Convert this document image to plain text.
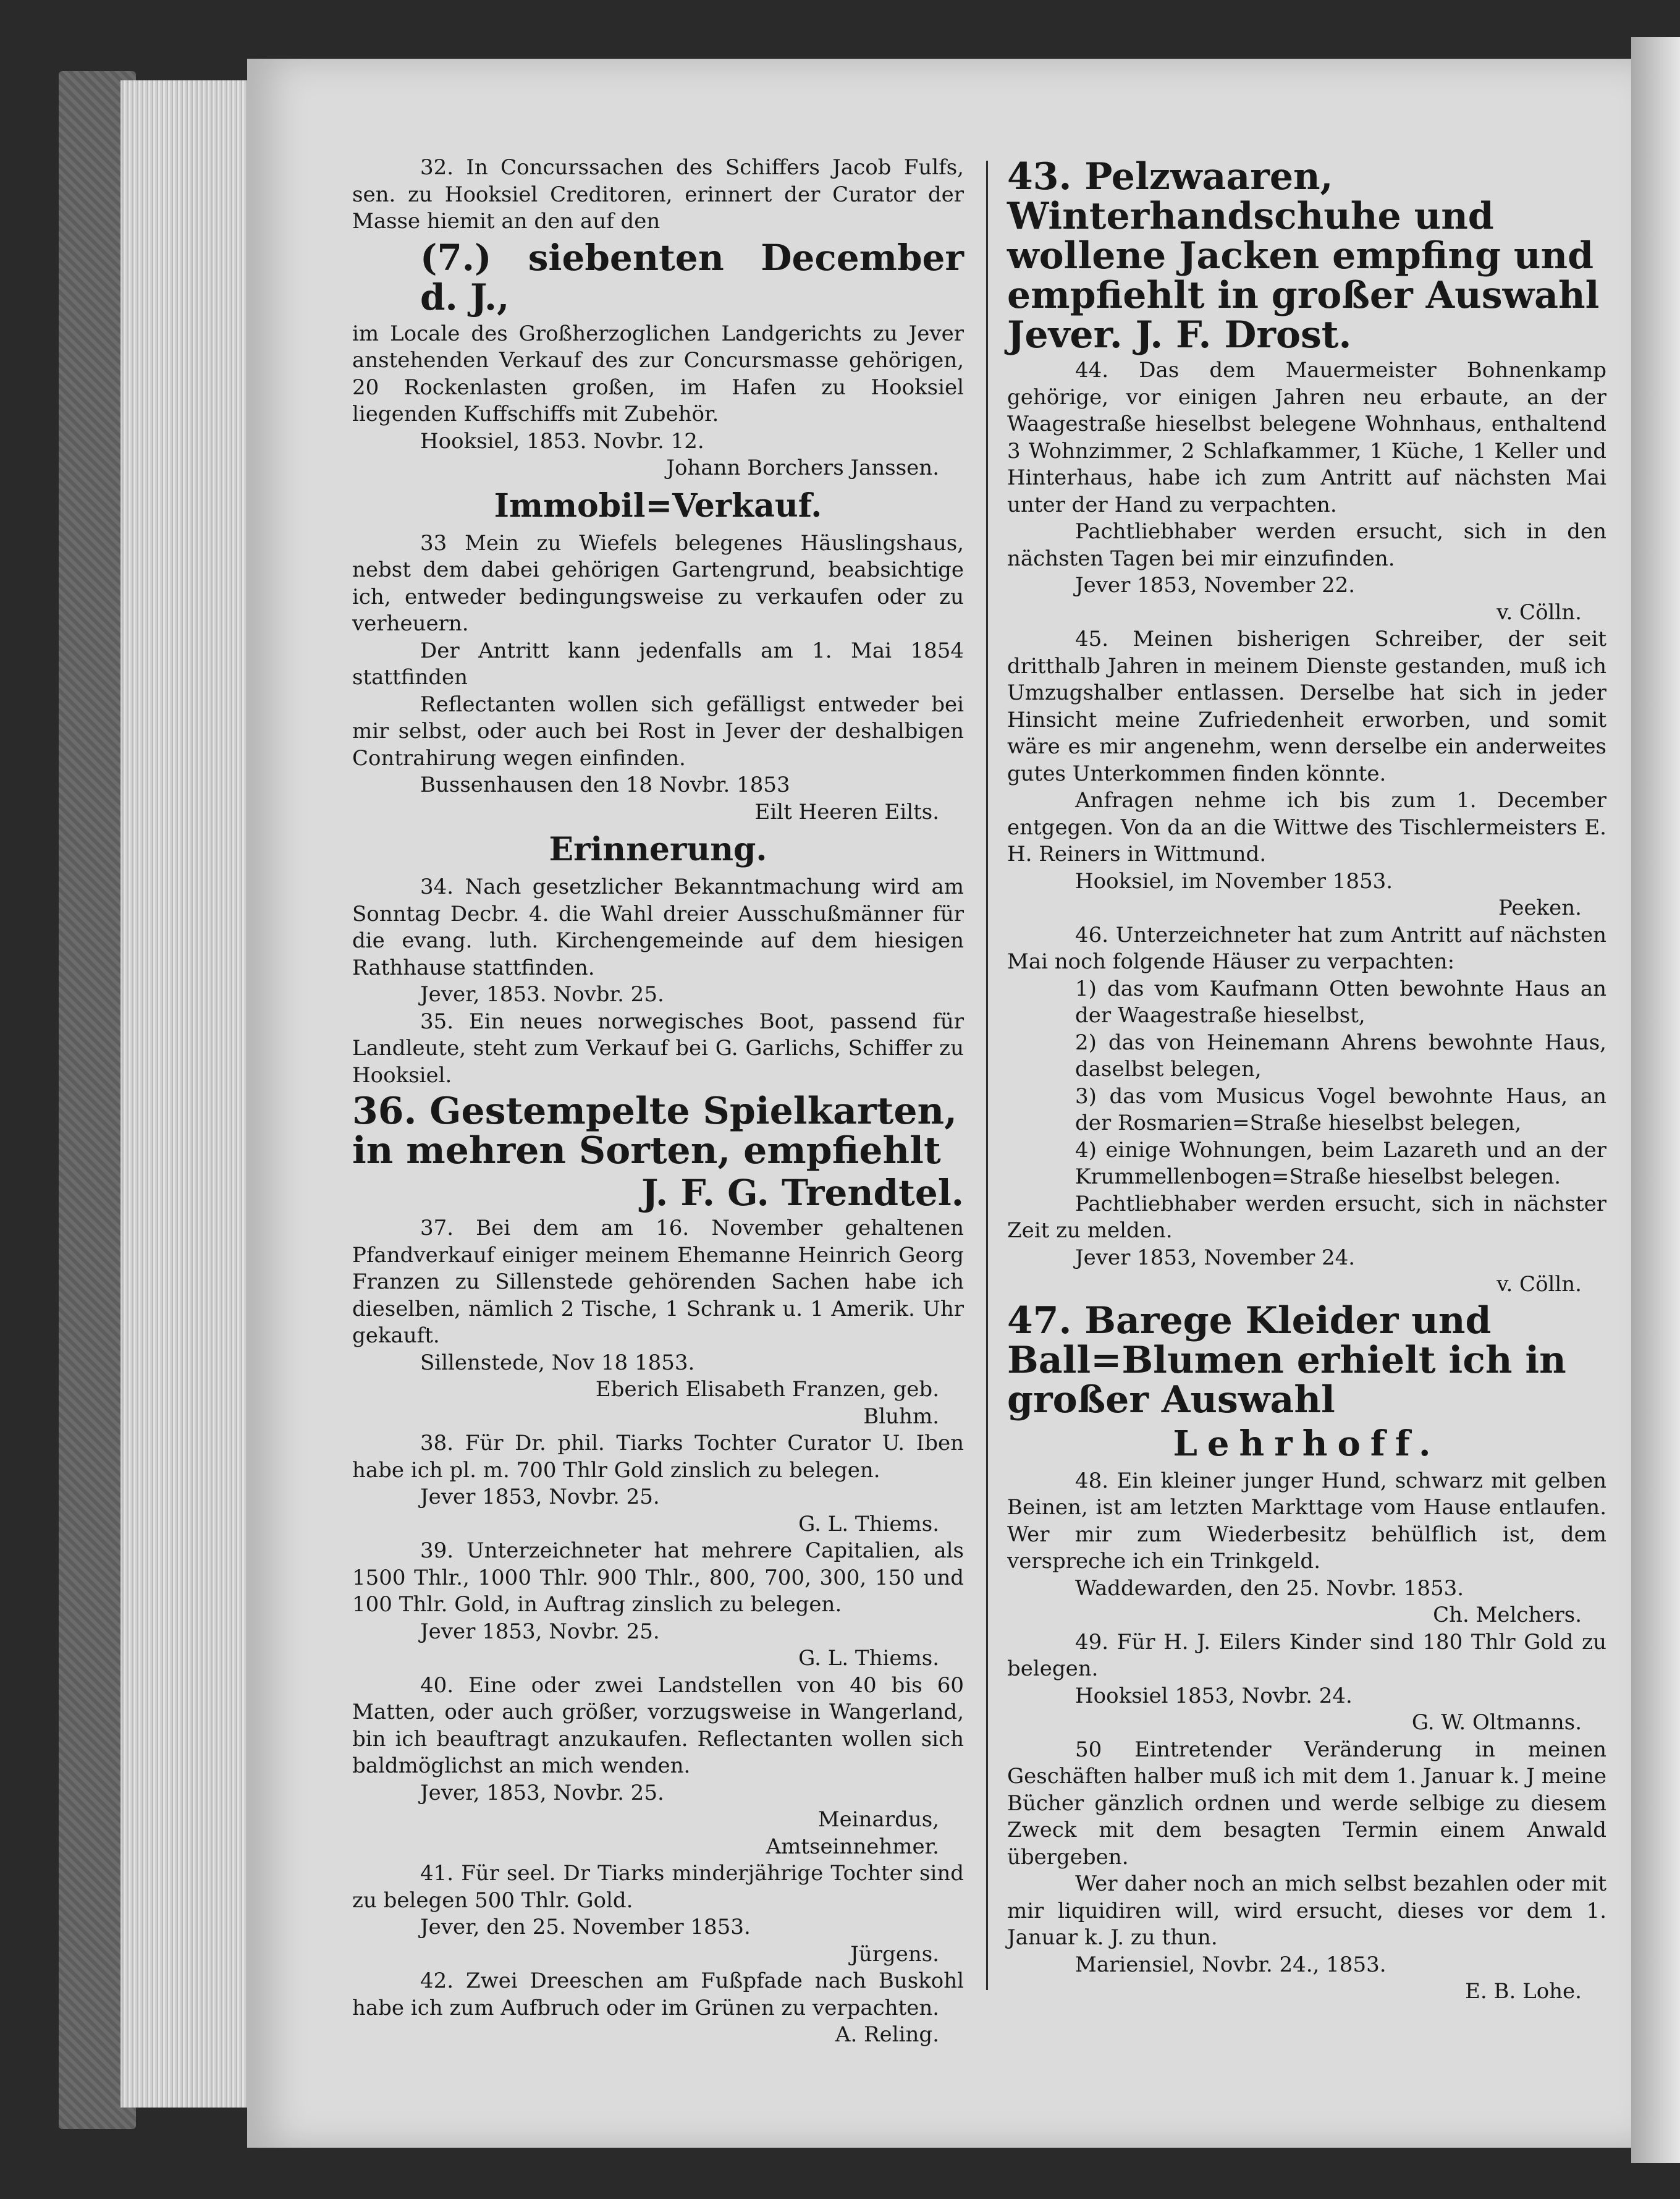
32. In Concurssachen des Schiffers Jacob Fulfs, sen. zu Hooksiel Creditoren, erinnert der Curator der Masse hiemit an den auf den

(7.) siebenten December d. J.,

im Locale des Großherzoglichen Landgerichts zu Jever anstehenden Verkauf des zur Concursmasse gehörigen, 20 Rockenlasten großen, im Hafen zu Hooksiel liegenden Kuffschiffs mit Zubehör.

Hooksiel, 1853. Novbr. 12.

Johann Borchers Janssen.

Immobil=Verkauf.

33 Mein zu Wiefels belegenes Häuslingshaus, nebst dem dabei gehörigen Gartengrund, beabsichtige ich, entweder bedingungsweise zu verkaufen oder zu verheuern.

Der Antritt kann jedenfalls am 1. Mai 1854 stattfinden

Reflectanten wollen sich gefälligst entweder bei mir selbst, oder auch bei Rost in Jever der deshalbigen Contrahirung wegen einfinden.

Bussenhausen den 18 Novbr. 1853

Eilt Heeren Eilts.

Erinnerung.

34. Nach gesetzlicher Bekanntmachung wird am Sonntag Decbr. 4. die Wahl dreier Ausschußmänner für die evang. luth. Kirchengemeinde auf dem hiesigen Rathhause stattfinden.

Jever, 1853. Novbr. 25.

35. Ein neues norwegisches Boot, passend für Landleute, steht zum Verkauf bei G. Garlichs, Schiffer zu Hooksiel.

36. Gestempelte Spielkarten, in mehren Sorten, empfiehlt

J. F. G. Trendtel.

37. Bei dem am 16. November gehaltenen Pfandverkauf einiger meinem Ehemanne Heinrich Georg Franzen zu Sillenstede gehörenden Sachen habe ich dieselben, nämlich 2 Tische, 1 Schrank u. 1 Amerik. Uhr gekauft.

Sillenstede, Nov 18 1853.

Eberich Elisabeth Franzen, geb.

Bluhm.

38. Für Dr. phil. Tiarks Tochter Curator U. Iben habe ich pl. m. 700 Thlr Gold zinslich zu belegen.

Jever 1853, Novbr. 25.

G. L. Thiems.

39. Unterzeichneter hat mehrere Capitalien, als 1500 Thlr., 1000 Thlr. 900 Thlr., 800, 700, 300, 150 und 100 Thlr. Gold, in Auftrag zinslich zu belegen.

Jever 1853, Novbr. 25.

G. L. Thiems.

40. Eine oder zwei Landstellen von 40 bis 60 Matten, oder auch größer, vorzugsweise in Wangerland, bin ich beauftragt anzukaufen. Reflectanten wollen sich baldmöglichst an mich wenden.

Jever, 1853, Novbr. 25.

Meinardus,

Amtseinnehmer.

41. Für seel. Dr Tiarks minderjährige Tochter sind zu belegen 500 Thlr. Gold.

Jever, den 25. November 1853.

Jürgens.

42. Zwei Dreeschen am Fußpfade nach Buskohl habe ich zum Aufbruch oder im Grünen zu verpachten.

A. Reling.

43. Pelzwaaren, Winterhandschuhe und wollene Jacken empfing und empfiehlt in großer Auswahl Jever. J. F. Drost.

44. Das dem Mauermeister Bohnenkamp gehörige, vor einigen Jahren neu erbaute, an der Waagestraße hieselbst belegene Wohnhaus, enthaltend 3 Wohnzimmer, 2 Schlafkammer, 1 Küche, 1 Keller und Hinterhaus, habe ich zum Antritt auf nächsten Mai unter der Hand zu verpachten.

Pachtliebhaber werden ersucht, sich in den nächsten Tagen bei mir einzufinden.

Jever 1853, November 22.

v. Cölln.

45. Meinen bisherigen Schreiber, der seit dritthalb Jahren in meinem Dienste gestanden, muß ich Umzugshalber entlassen. Derselbe hat sich in jeder Hinsicht meine Zufriedenheit erworben, und somit wäre es mir angenehm, wenn derselbe ein anderweites gutes Unterkommen finden könnte.

Anfragen nehme ich bis zum 1. December entgegen. Von da an die Wittwe des Tischlermeisters E. H. Reiners in Wittmund.

Hooksiel, im November 1853.

Peeken.

46. Unterzeichneter hat zum Antritt auf nächsten Mai noch folgende Häuser zu verpachten:

1) das vom Kaufmann Otten bewohnte Haus an der Waagestraße hieselbst,

2) das von Heinemann Ahrens bewohnte Haus, daselbst belegen,

3) das vom Musicus Vogel bewohnte Haus, an der Rosmarien=Straße hieselbst belegen,

4) einige Wohnungen, beim Lazareth und an der Krummellenbogen=Straße hieselbst belegen.

Pachtliebhaber werden ersucht, sich in nächster Zeit zu melden.

Jever 1853, November 24.

v. Cölln.

47. Barege Kleider und Ball=Blumen erhielt ich in großer Auswahl

Lehrhoff.

48. Ein kleiner junger Hund, schwarz mit gelben Beinen, ist am letzten Markttage vom Hause entlaufen. Wer mir zum Wiederbesitz behülflich ist, dem verspreche ich ein Trinkgeld.

Waddewarden, den 25. Novbr. 1853.

Ch. Melchers.

49. Für H. J. Eilers Kinder sind 180 Thlr Gold zu belegen.

Hooksiel 1853, Novbr. 24.

G. W. Oltmanns.

50 Eintretender Veränderung in meinen Geschäften halber muß ich mit dem 1. Januar k. J meine Bücher gänzlich ordnen und werde selbige zu diesem Zweck mit dem besagten Termin einem Anwald übergeben.

Wer daher noch an mich selbst bezahlen oder mit mir liquidiren will, wird ersucht, dieses vor dem 1. Januar k. J. zu thun.

Mariensiel, Novbr. 24., 1853.

E. B. Lohe.
